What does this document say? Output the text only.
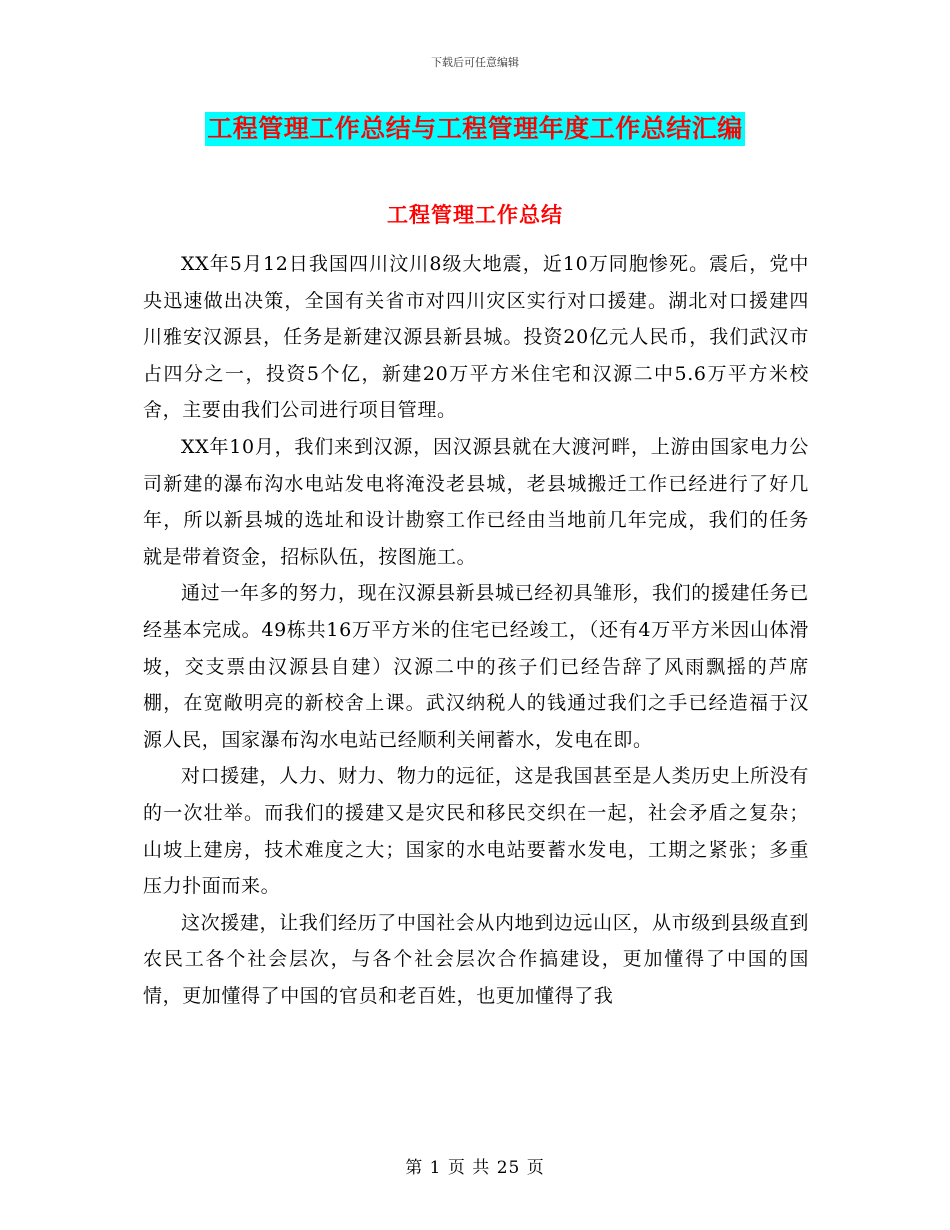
下载后可任意编辑
工程管理工作总结与工程管理年度工作总结汇编
工程管理工作总结

XX年5月12日我国四川汶川8级大地震，近10万同胞惨死。震后，党中央迅速做出决策，全国有关省市对四川灾区实行对口援建。湖北对口援建四川雅安汉源县，任务是新建汉源县新县城。投资20亿元人民币，我们武汉市占四分之一，投资5个亿，新建20万平方米住宅和汉源二中5.6万平方米校舍，主要由我们公司进行项目管理。

XX年10月，我们来到汉源，因汉源县就在大渡河畔，上游由国家电力公司新建的瀑布沟水电站发电将淹没老县城，老县城搬迁工作已经进行了好几年，所以新县城的选址和设计勘察工作已经由当地前几年完成，我们的任务就是带着资金，招标队伍，按图施工。

通过一年多的努力，现在汉源县新县城已经初具雏形，我们的援建任务已经基本完成。49栋共16万平方米的住宅已经竣工，（还有4万平方米因山体滑坡，交支票由汉源县自建）汉源二中的孩子们已经告辞了风雨飘摇的芦席棚，在宽敞明亮的新校舍上课。武汉纳税人的钱通过我们之手已经造福于汉源人民，国家瀑布沟水电站已经顺利关闸蓄水，发电在即。

对口援建，人力、财力、物力的远征，这是我国甚至是人类历史上所没有的一次壮举。而我们的援建又是灾民和移民交织在一起，社会矛盾之复杂；山坡上建房，技术难度之大；国家的水电站要蓄水发电，工期之紧张；多重压力扑面而来。

这次援建，让我们经历了中国社会从内地到边远山区，从市级到县级直到农民工各个社会层次，与各个社会层次合作搞建设，更加懂得了中国的国情，更加懂得了中国的官员和老百姓，也更加懂得了我

第 1 页 共 25 页
